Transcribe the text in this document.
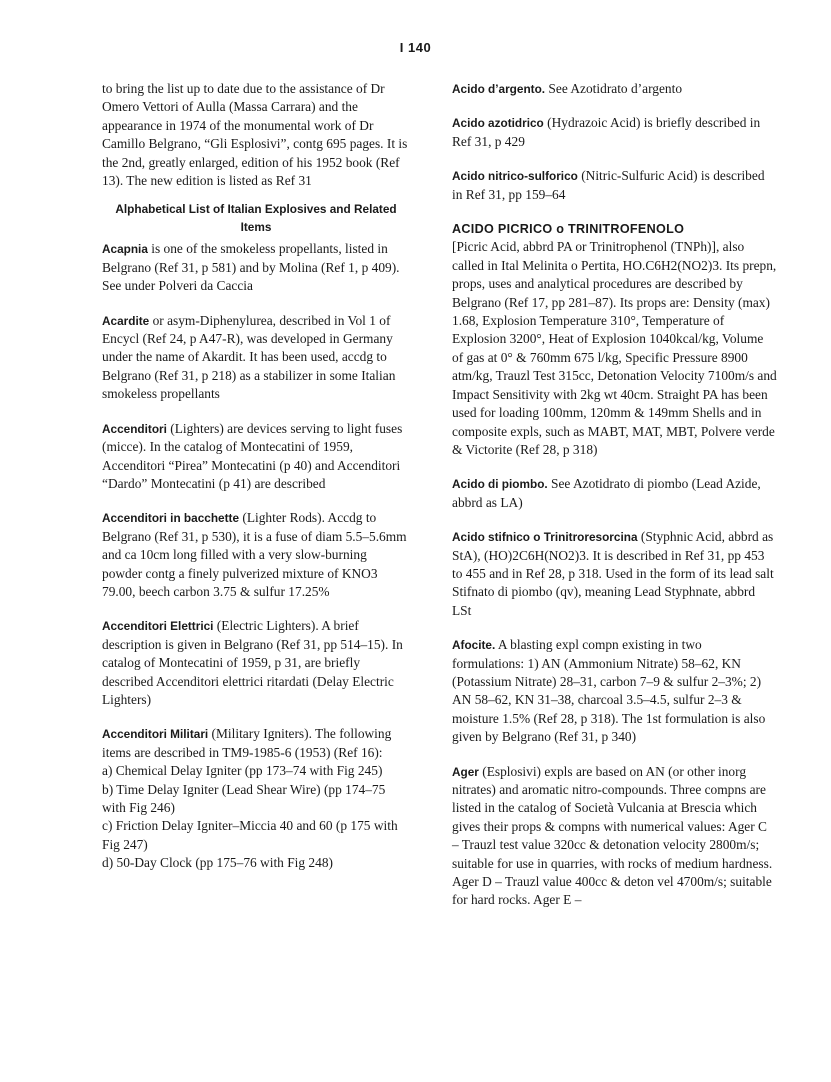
I 140

to bring the list up to date due to the assistance of Dr Omero Vettori of Aulla (Massa Carrara) and the appearance in 1974 of the monumental work of Dr Camillo Belgrano, “Gli Esplosivi”, contg 695 pages. It is the 2nd, greatly enlarged, edition of his 1952 book (Ref 13). The new edition is listed as Ref 31

Alphabetical List of Italian Explosives and Related Items

Acapnia is one of the smokeless propellants, listed in Belgrano (Ref 31, p 581) and by Molina (Ref 1, p 409). See under Polveri da Caccia

Acardite or asym-Diphenylurea, described in Vol 1 of Encycl (Ref 24, p A47-R), was developed in Germany under the name of Akardit. It has been used, accdg to Belgrano (Ref 31, p 218) as a stabilizer in some Italian smokeless propellants

Accenditori (Lighters) are devices serving to light fuses (micce). In the catalog of Montecatini of 1959, Accenditori “Pirea” Montecatini (p 40) and Accenditori “Dardo” Montecatini (p 41) are described

Accenditori in bacchette (Lighter Rods). Accdg to Belgrano (Ref 31, p 530), it is a fuse of diam 5.5–5.6mm and ca 10cm long filled with a very slow-burning powder contg a finely pulverized mixture of KNO3 79.00, beech carbon 3.75 & sulfur 17.25%

Accenditori Elettrici (Electric Lighters). A brief description is given in Belgrano (Ref 31, pp 514–15). In catalog of Montecatini of 1959, p 31, are briefly described Accenditori elettrici ritardati (Delay Electric Lighters)

Accenditori Militari (Military Igniters). The following items are described in TM9-1985-6 (1953) (Ref 16):

a) Chemical Delay Igniter (pp 173–74 with Fig 245)
b) Time Delay Igniter (Lead Shear Wire) (pp 174–75 with Fig 246)
c) Friction Delay Igniter–Miccia 40 and 60 (p 175 with Fig 247)
d) 50-Day Clock (pp 175–76 with Fig 248)

Acido d’argento. See Azotidrato d’argento

Acido azotidrico (Hydrazoic Acid) is briefly described in Ref 31, p 429

Acido nitrico-sulforico (Nitric-Sulfuric Acid) is described in Ref 31, pp 159–64

ACIDO PICRICO o TRINITROFENOLO

[Picric Acid, abbrd PA or Trinitrophenol (TNPh)], also called in Ital Melinita o Pertita, HO.C6H2(NO2)3. Its prepn, props, uses and analytical procedures are described by Belgrano (Ref 17, pp 281–87). Its props are: Density (max) 1.68, Explosion Temperature 310°, Temperature of Explosion 3200°, Heat of Explosion 1040kcal/kg, Volume of gas at 0° & 760mm 675 l/kg, Specific Pressure 8900 atm/kg, Trauzl Test 315cc, Detonation Velocity 7100m/s and Impact Sensitivity with 2kg wt 40cm. Straight PA has been used for loading 100mm, 120mm & 149mm Shells and in composite expls, such as MABT, MAT, MBT, Polvere verde & Victorite (Ref 28, p 318)

Acido di piombo. See Azotidrato di piombo (Lead Azide, abbrd as LA)

Acido stifnico o Trinitroresorcina (Styphnic Acid, abbrd as StA), (HO)2C6H(NO2)3. It is described in Ref 31, pp 453 to 455 and in Ref 28, p 318. Used in the form of its lead salt Stifnato di piombo (qv), meaning Lead Styphnate, abbrd LSt

Afocite. A blasting expl compn existing in two formulations: 1) AN (Ammonium Nitrate) 58–62, KN (Potassium Nitrate) 28–31, carbon 7–9 & sulfur 2–3%; 2) AN 58–62, KN 31–38, charcoal 3.5–4.5, sulfur 2–3 & moisture 1.5% (Ref 28, p 318). The 1st formulation is also given by Belgrano (Ref 31, p 340)

Ager (Esplosivi) expls are based on AN (or other inorg nitrates) and aromatic nitro-compounds. Three compns are listed in the catalog of Società Vulcania at Brescia which gives their props & compns with numerical values: Ager C – Trauzl test value 320cc & detonation velocity 2800m/s; suitable for use in quarries, with rocks of medium hardness. Ager D – Trauzl value 400cc & deton vel 4700m/s; suitable for hard rocks. Ager E –
